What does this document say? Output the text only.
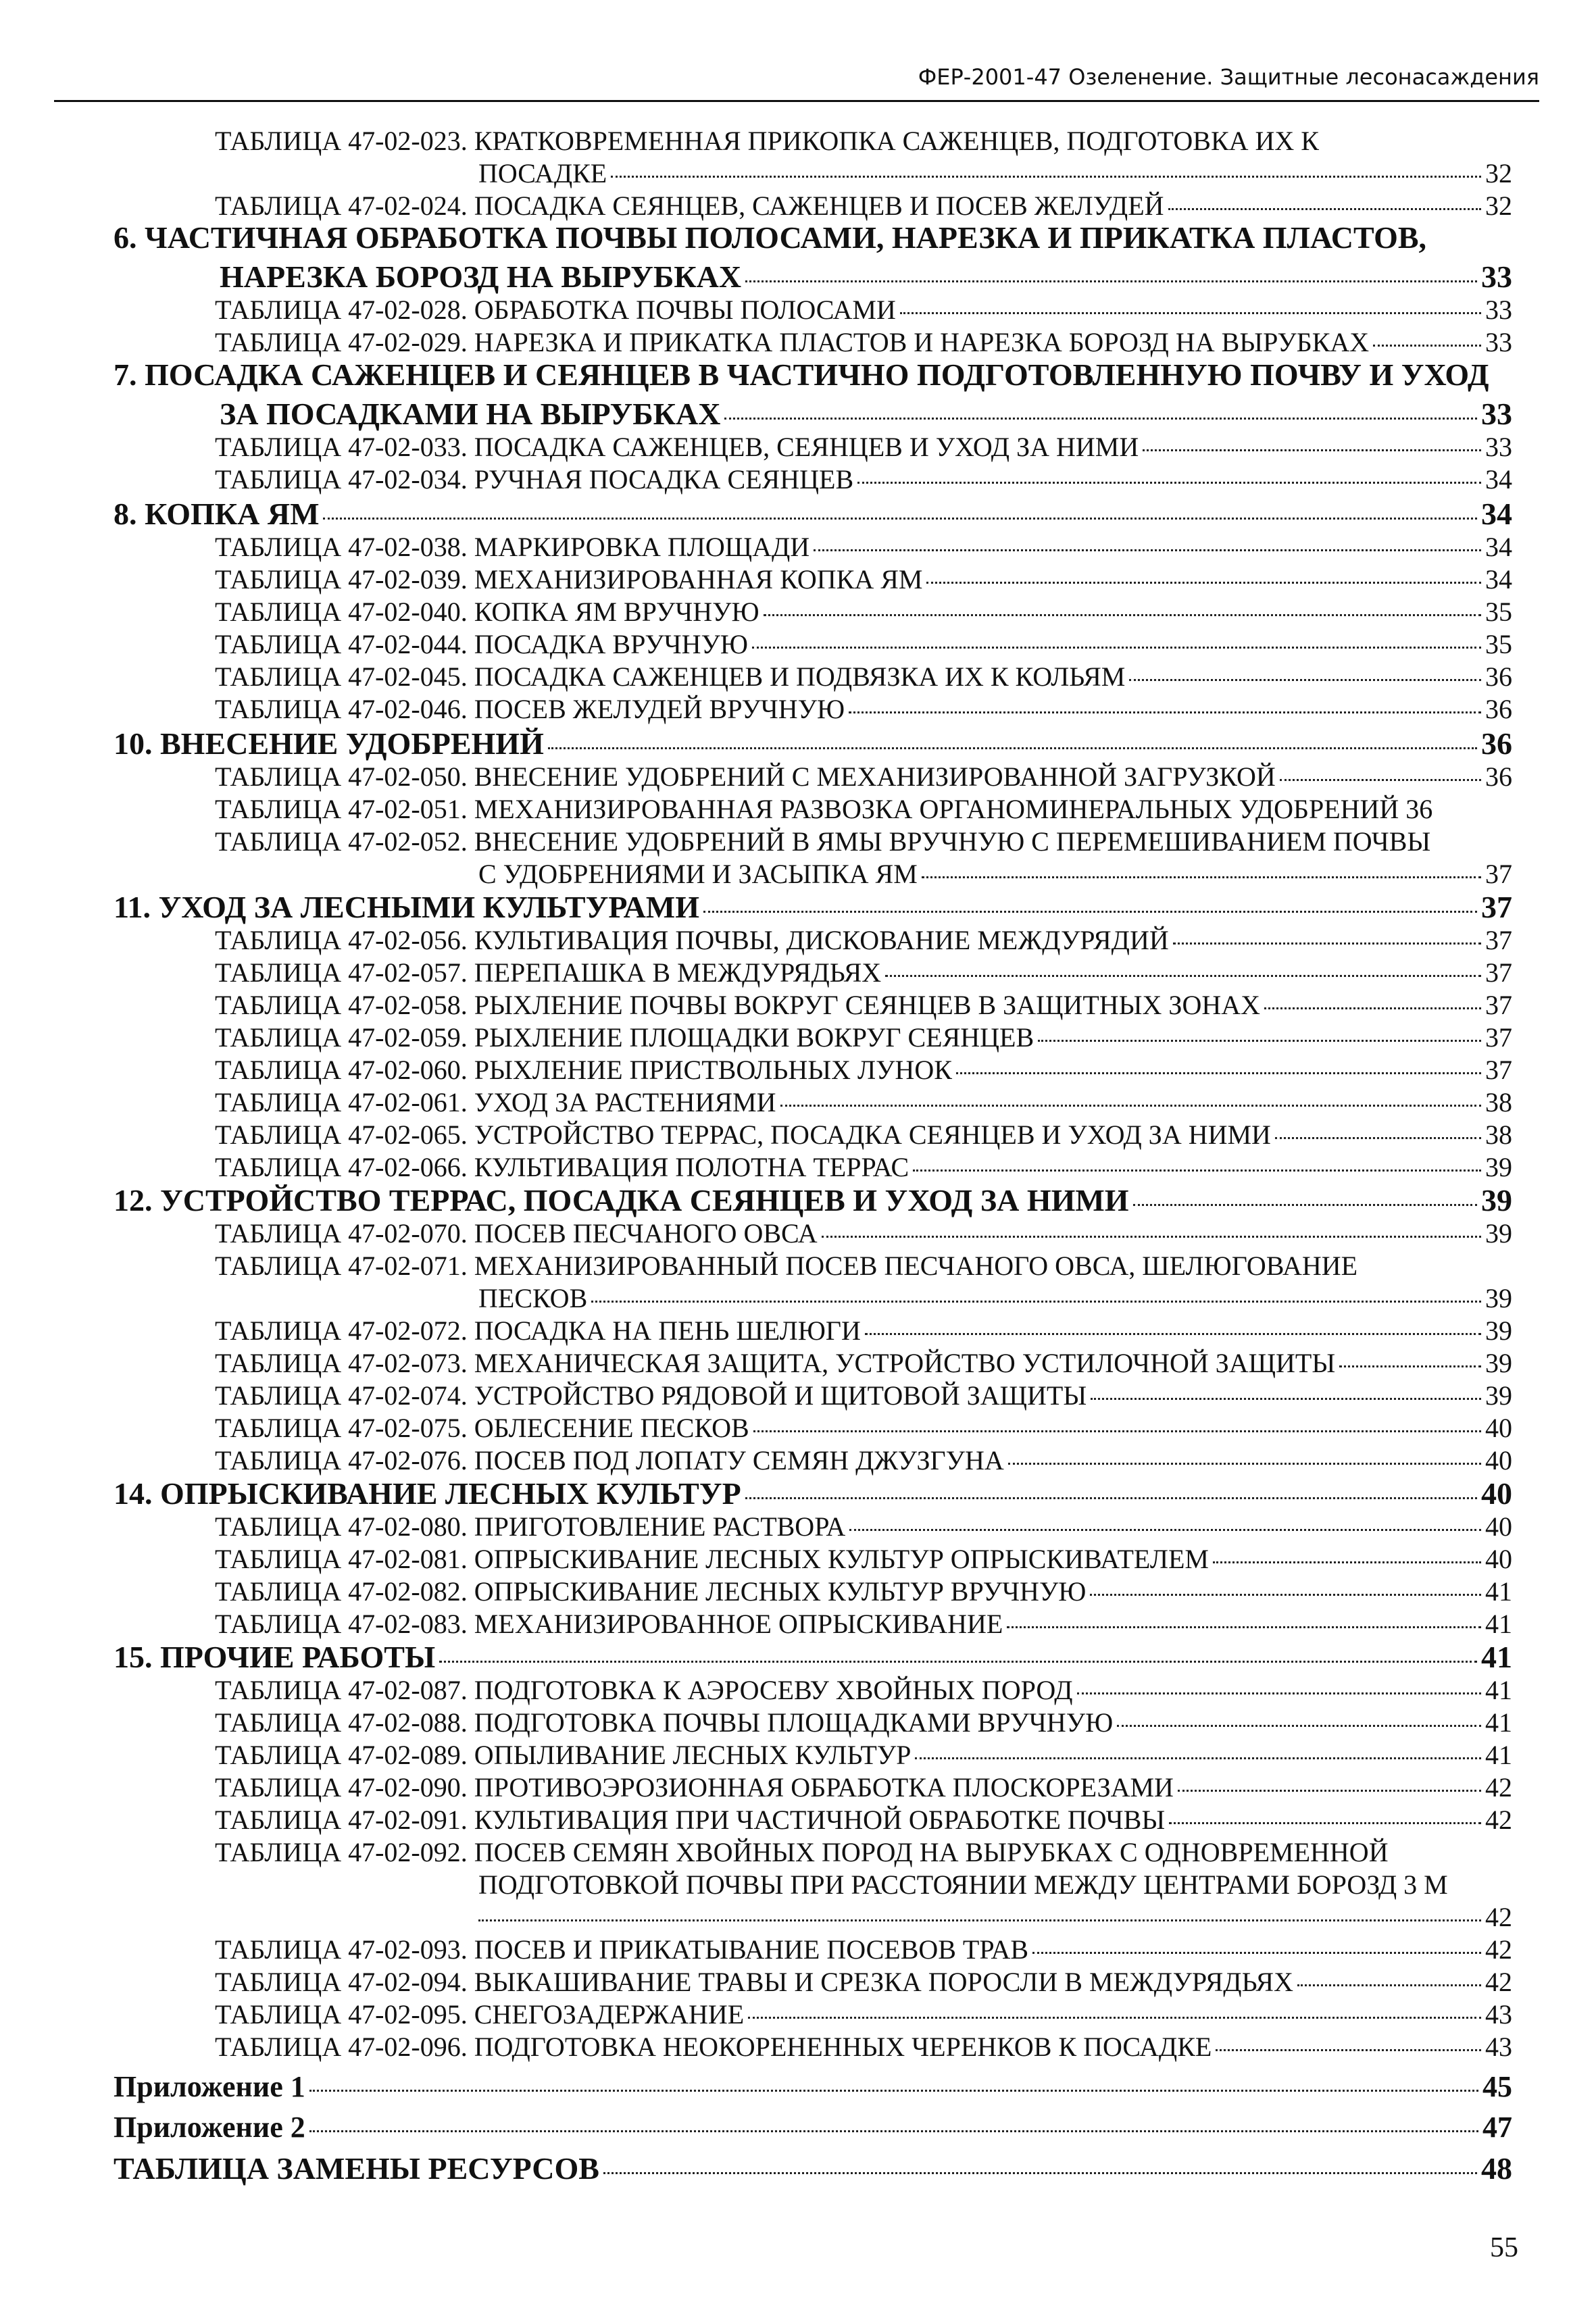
ФЕР-2001-47 Озеленение. Защитные лесонасаждения
ТАБЛИЦА 47-02-023. КРАТКОВРЕМЕННАЯ ПРИКОПКА САЖЕНЦЕВ, ПОДГОТОВКА ИХ К
ПОСАДКЕ	32
ТАБЛИЦА 47-02-024. ПОСАДКА СЕЯНЦЕВ, САЖЕНЦЕВ И ПОСЕВ ЖЕЛУДЕЙ	32
6. ЧАСТИЧНАЯ ОБРАБОТКА ПОЧВЫ ПОЛОСАМИ, НАРЕЗКА И ПРИКАТКА ПЛАСТОВ,
НАРЕЗКА БОРОЗД НА ВЫРУБКАХ	33
ТАБЛИЦА 47-02-028. ОБРАБОТКА ПОЧВЫ ПОЛОСАМИ	33
ТАБЛИЦА 47-02-029. НАРЕЗКА И ПРИКАТКА ПЛАСТОВ И НАРЕЗКА БОРОЗД НА ВЫРУБКАХ	33
7. ПОСАДКА САЖЕНЦЕВ И СЕЯНЦЕВ В ЧАСТИЧНО ПОДГОТОВЛЕННУЮ ПОЧВУ И УХОД
ЗА ПОСАДКАМИ НА ВЫРУБКАХ	33
ТАБЛИЦА 47-02-033. ПОСАДКА САЖЕНЦЕВ, СЕЯНЦЕВ И УХОД ЗА НИМИ	33
ТАБЛИЦА 47-02-034. РУЧНАЯ ПОСАДКА СЕЯНЦЕВ	34
8. КОПКА ЯМ	34
ТАБЛИЦА 47-02-038. МАРКИРОВКА ПЛОЩАДИ	34
ТАБЛИЦА 47-02-039. МЕХАНИЗИРОВАННАЯ КОПКА ЯМ	34
ТАБЛИЦА 47-02-040. КОПКА ЯМ ВРУЧНУЮ	35
ТАБЛИЦА 47-02-044. ПОСАДКА ВРУЧНУЮ	35
ТАБЛИЦА 47-02-045. ПОСАДКА САЖЕНЦЕВ И ПОДВЯЗКА ИХ К КОЛЬЯМ	36
ТАБЛИЦА 47-02-046. ПОСЕВ ЖЕЛУДЕЙ ВРУЧНУЮ	36
10. ВНЕСЕНИЕ УДОБРЕНИЙ	36
ТАБЛИЦА 47-02-050. ВНЕСЕНИЕ УДОБРЕНИЙ С МЕХАНИЗИРОВАННОЙ ЗАГРУЗКОЙ	36
ТАБЛИЦА 47-02-051. МЕХАНИЗИРОВАННАЯ РАЗВОЗКА ОРГАНОМИНЕРАЛЬНЫХ УДОБРЕНИЙ 36
ТАБЛИЦА 47-02-052. ВНЕСЕНИЕ УДОБРЕНИЙ В ЯМЫ ВРУЧНУЮ С ПЕРЕМЕШИВАНИЕМ ПОЧВЫ
С УДОБРЕНИЯМИ И ЗАСЫПКА ЯМ	37
11. УХОД ЗА ЛЕСНЫМИ КУЛЬТУРАМИ	37
ТАБЛИЦА 47-02-056. КУЛЬТИВАЦИЯ ПОЧВЫ, ДИСКОВАНИЕ МЕЖДУРЯДИЙ	37
ТАБЛИЦА 47-02-057. ПЕРЕПАШКА В МЕЖДУРЯДЬЯХ	37
ТАБЛИЦА 47-02-058. РЫХЛЕНИЕ ПОЧВЫ ВОКРУГ СЕЯНЦЕВ В ЗАЩИТНЫХ ЗОНАХ	37
ТАБЛИЦА 47-02-059. РЫХЛЕНИЕ ПЛОЩАДКИ ВОКРУГ СЕЯНЦЕВ	37
ТАБЛИЦА 47-02-060. РЫХЛЕНИЕ ПРИСТВОЛЬНЫХ ЛУНОК	37
ТАБЛИЦА 47-02-061. УХОД ЗА РАСТЕНИЯМИ	38
ТАБЛИЦА 47-02-065. УСТРОЙСТВО ТЕРРАС, ПОСАДКА СЕЯНЦЕВ И УХОД ЗА НИМИ	38
ТАБЛИЦА 47-02-066. КУЛЬТИВАЦИЯ ПОЛОТНА ТЕРРАС	39
12. УСТРОЙСТВО ТЕРРАС, ПОСАДКА СЕЯНЦЕВ И УХОД ЗА НИМИ	39
ТАБЛИЦА 47-02-070. ПОСЕВ ПЕСЧАНОГО ОВСА	39
ТАБЛИЦА 47-02-071. МЕХАНИЗИРОВАННЫЙ ПОСЕВ ПЕСЧАНОГО ОВСА, ШЕЛЮГОВАНИЕ
ПЕСКОВ	39
ТАБЛИЦА 47-02-072. ПОСАДКА НА ПЕНЬ ШЕЛЮГИ	39
ТАБЛИЦА 47-02-073. МЕХАНИЧЕСКАЯ ЗАЩИТА, УСТРОЙСТВО УСТИЛОЧНОЙ ЗАЩИТЫ	39
ТАБЛИЦА 47-02-074. УСТРОЙСТВО РЯДОВОЙ И ЩИТОВОЙ ЗАЩИТЫ	39
ТАБЛИЦА 47-02-075. ОБЛЕСЕНИЕ ПЕСКОВ	40
ТАБЛИЦА 47-02-076. ПОСЕВ ПОД ЛОПАТУ СЕМЯН ДЖУЗГУНА	40
14. ОПРЫСКИВАНИЕ ЛЕСНЫХ КУЛЬТУР	40
ТАБЛИЦА 47-02-080. ПРИГОТОВЛЕНИЕ РАСТВОРА	40
ТАБЛИЦА 47-02-081. ОПРЫСКИВАНИЕ ЛЕСНЫХ КУЛЬТУР ОПРЫСКИВАТЕЛЕМ	40
ТАБЛИЦА 47-02-082. ОПРЫСКИВАНИЕ ЛЕСНЫХ КУЛЬТУР ВРУЧНУЮ	41
ТАБЛИЦА 47-02-083. МЕХАНИЗИРОВАННОЕ ОПРЫСКИВАНИЕ	41
15. ПРОЧИЕ РАБОТЫ	41
ТАБЛИЦА 47-02-087. ПОДГОТОВКА К АЭРОСЕВУ ХВОЙНЫХ ПОРОД	41
ТАБЛИЦА 47-02-088. ПОДГОТОВКА ПОЧВЫ ПЛОЩАДКАМИ ВРУЧНУЮ	41
ТАБЛИЦА 47-02-089. ОПЫЛИВАНИЕ ЛЕСНЫХ КУЛЬТУР	41
ТАБЛИЦА 47-02-090. ПРОТИВОЭРОЗИОННАЯ ОБРАБОТКА ПЛОСКОРЕЗАМИ	42
ТАБЛИЦА 47-02-091. КУЛЬТИВАЦИЯ ПРИ ЧАСТИЧНОЙ ОБРАБОТКЕ ПОЧВЫ	42
ТАБЛИЦА 47-02-092. ПОСЕВ СЕМЯН ХВОЙНЫХ ПОРОД НА ВЫРУБКАХ С ОДНОВРЕМЕННОЙ
ПОДГОТОВКОЙ ПОЧВЫ ПРИ РАССТОЯНИИ МЕЖДУ ЦЕНТРАМИ БОРОЗД 3 М
42
ТАБЛИЦА 47-02-093. ПОСЕВ И ПРИКАТЫВАНИЕ ПОСЕВОВ ТРАВ	42
ТАБЛИЦА 47-02-094. ВЫКАШИВАНИЕ ТРАВЫ И СРЕЗКА ПОРОСЛИ В МЕЖДУРЯДЬЯХ	42
ТАБЛИЦА 47-02-095. СНЕГОЗАДЕРЖАНИЕ	43
ТАБЛИЦА 47-02-096. ПОДГОТОВКА НЕОКОРЕНЕННЫХ ЧЕРЕНКОВ К ПОСАДКЕ	43
Приложение 1	45
Приложение 2	47
ТАБЛИЦА ЗАМЕНЫ РЕСУРСОВ	48
55
